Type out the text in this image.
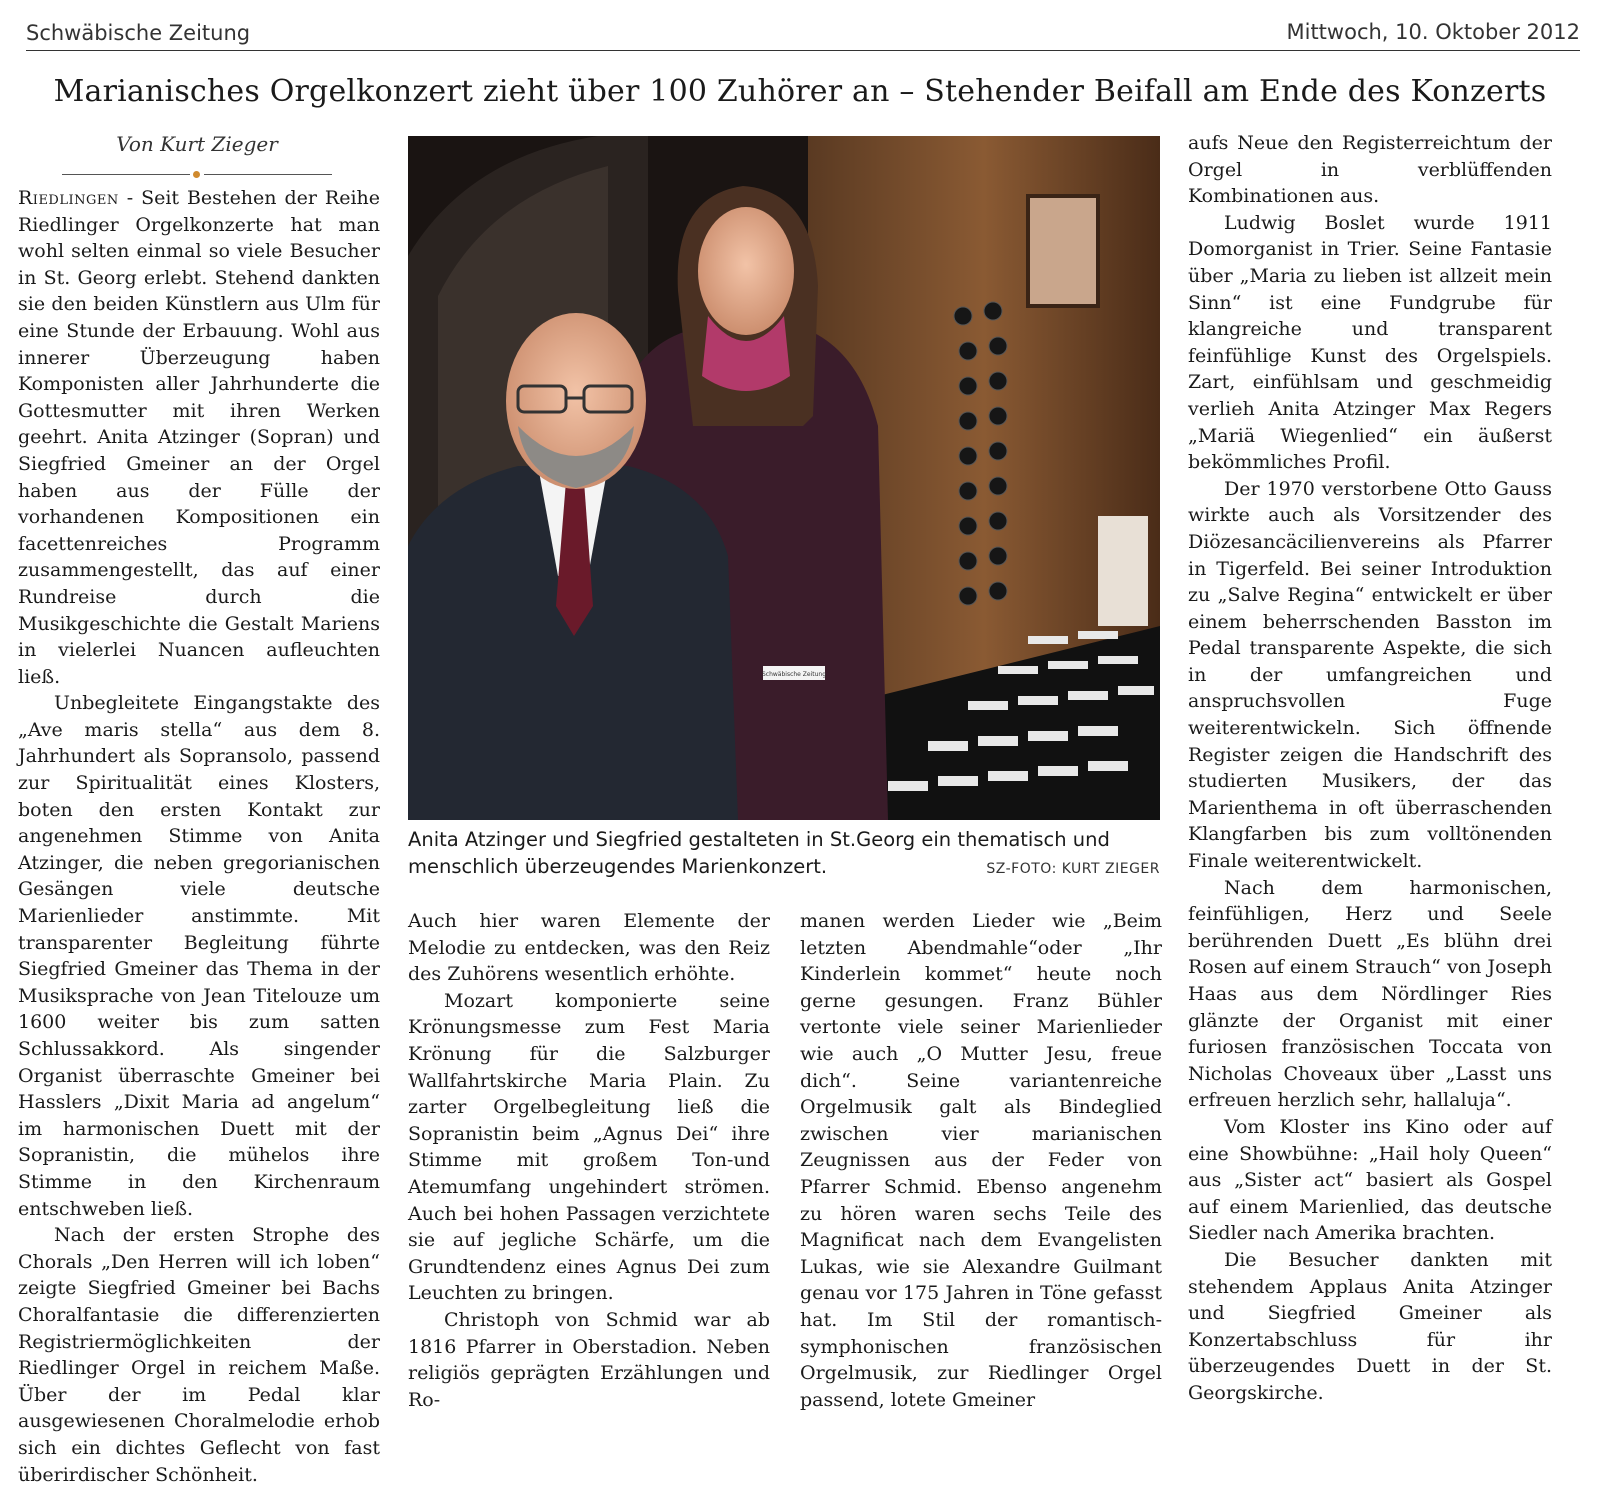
Schwäbische Zeitung	Mittwoch, 10. Oktober 2012
Marianisches Orgelkonzert zieht über 100 Zuhörer an – Stehender Beifall am Ende des Konzerts
Von Kurt Zieger

Riedlingen - Seit Bestehen der Reihe Riedlinger Orgelkonzerte hat man wohl selten einmal so viele Besucher in St. Georg erlebt. Stehend dankten sie den beiden Künstlern aus Ulm für eine Stunde der Erbauung. Wohl aus innerer Überzeugung haben Komponisten aller Jahrhunderte die Gottesmutter mit ihren Werken geehrt. Anita Atzinger (Sopran) und Siegfried Gmeiner an der Orgel haben aus der Fülle der vorhandenen Kompositionen ein facettenreiches Programm zusammengestellt, das auf einer Rundreise durch die Musikgeschichte die Gestalt Mariens in vielerlei Nuancen aufleuchten ließ.

Unbegleitete Eingangstakte des „Ave maris stella“ aus dem 8. Jahrhundert als Sopransolo, passend zur Spiritualität eines Klosters, boten den ersten Kontakt zur angenehmen Stimme von Anita Atzinger, die neben gregorianischen Gesängen viele deutsche Marienlieder anstimmte. Mit transparenter Begleitung führte Siegfried Gmeiner das Thema in der Musiksprache von Jean Titelouze um 1600 weiter bis zum satten Schlussakkord. Als singender Organist überraschte Gmeiner bei Hasslers „Dixit Maria ad angelum“ im harmonischen Duett mit der Sopranistin, die mühelos ihre Stimme in den Kirchenraum entschweben ließ.

Nach der ersten Strophe des Chorals „Den Herren will ich loben“ zeigte Siegfried Gmeiner bei Bachs Choralfantasie die differenzierten Registriermöglichkeiten der Riedlinger Orgel in reichem Maße. Über der im Pedal klar ausgewiesenen Choralmelodie erhob sich ein dichtes Geflecht von fast überirdischer Schönheit.

Schwäbische Zeitung
Anita Atzinger und Siegfried gestalteten in St.Georg ein thematisch und menschlich überzeugendes Marienkonzert.	SZ-FOTO: KURT ZIEGER

Auch hier waren Elemente der Melodie zu entdecken, was den Reiz des Zuhörens wesentlich erhöhte.

Mozart komponierte seine Krönungsmesse zum Fest Maria Krönung für die Salzburger Wallfahrtskirche Maria Plain. Zu zarter Orgelbegleitung ließ die Sopranistin beim „Agnus Dei“ ihre Stimme mit großem Ton-und Atemumfang ungehindert strömen. Auch bei hohen Passagen verzichtete sie auf jegliche Schärfe, um die Grundtendenz eines Agnus Dei zum Leuchten zu bringen.

Christoph von Schmid war ab 1816 Pfarrer in Oberstadion. Neben religiös geprägten Erzählungen und Ro-

manen werden Lieder wie „Beim letzten Abendmahle“oder „Ihr Kinderlein kommet“ heute noch gerne gesungen. Franz Bühler vertonte viele seiner Marienlieder wie auch „O Mutter Jesu, freue dich“. Seine variantenreiche Orgelmusik galt als Bindeglied zwischen vier marianischen Zeugnissen aus der Feder von Pfarrer Schmid. Ebenso angenehm zu hören waren sechs Teile des Magnificat nach dem Evangelisten Lukas, wie sie Alexandre Guilmant genau vor 175 Jahren in Töne gefasst hat. Im Stil der romantisch-symphonischen französischen Orgelmusik, zur Riedlinger Orgel passend, lotete Gmeiner

aufs Neue den Registerreichtum der Orgel in verblüffenden Kombinationen aus.

Ludwig Boslet wurde 1911 Domorganist in Trier. Seine Fantasie über „Maria zu lieben ist allzeit mein Sinn“ ist eine Fundgrube für klangreiche und transparent feinfühlige Kunst des Orgelspiels. Zart, einfühlsam und geschmeidig verlieh Anita Atzinger Max Regers „Mariä Wiegenlied“ ein äußerst bekömmliches Profil.

Der 1970 verstorbene Otto Gauss wirkte auch als Vorsitzender des Diözesancäcilienvereins als Pfarrer in Tigerfeld. Bei seiner Introduktion zu „Salve Regina“ entwickelt er über einem beherrschenden Basston im Pedal transparente Aspekte, die sich in der umfangreichen und anspruchsvollen Fuge weiterentwickeln. Sich öffnende Register zeigen die Handschrift des studierten Musikers, der das Marienthema in oft überraschenden Klangfarben bis zum volltönenden Finale weiterentwickelt.

Nach dem harmonischen, feinfühligen, Herz und Seele berührenden Duett „Es blühn drei Rosen auf einem Strauch“ von Joseph Haas aus dem Nördlinger Ries glänzte der Organist mit einer furiosen französischen Toccata von Nicholas Choveaux über „Lasst uns erfreuen herzlich sehr, hallaluja“.

Vom Kloster ins Kino oder auf eine Showbühne: „Hail holy Queen“ aus „Sister act“ basiert als Gospel auf einem Marienlied, das deutsche Siedler nach Amerika brachten.

Die Besucher dankten mit stehendem Applaus Anita Atzinger und Siegfried Gmeiner als Konzertabschluss für ihr überzeugendes Duett in der St. Georgskirche.
